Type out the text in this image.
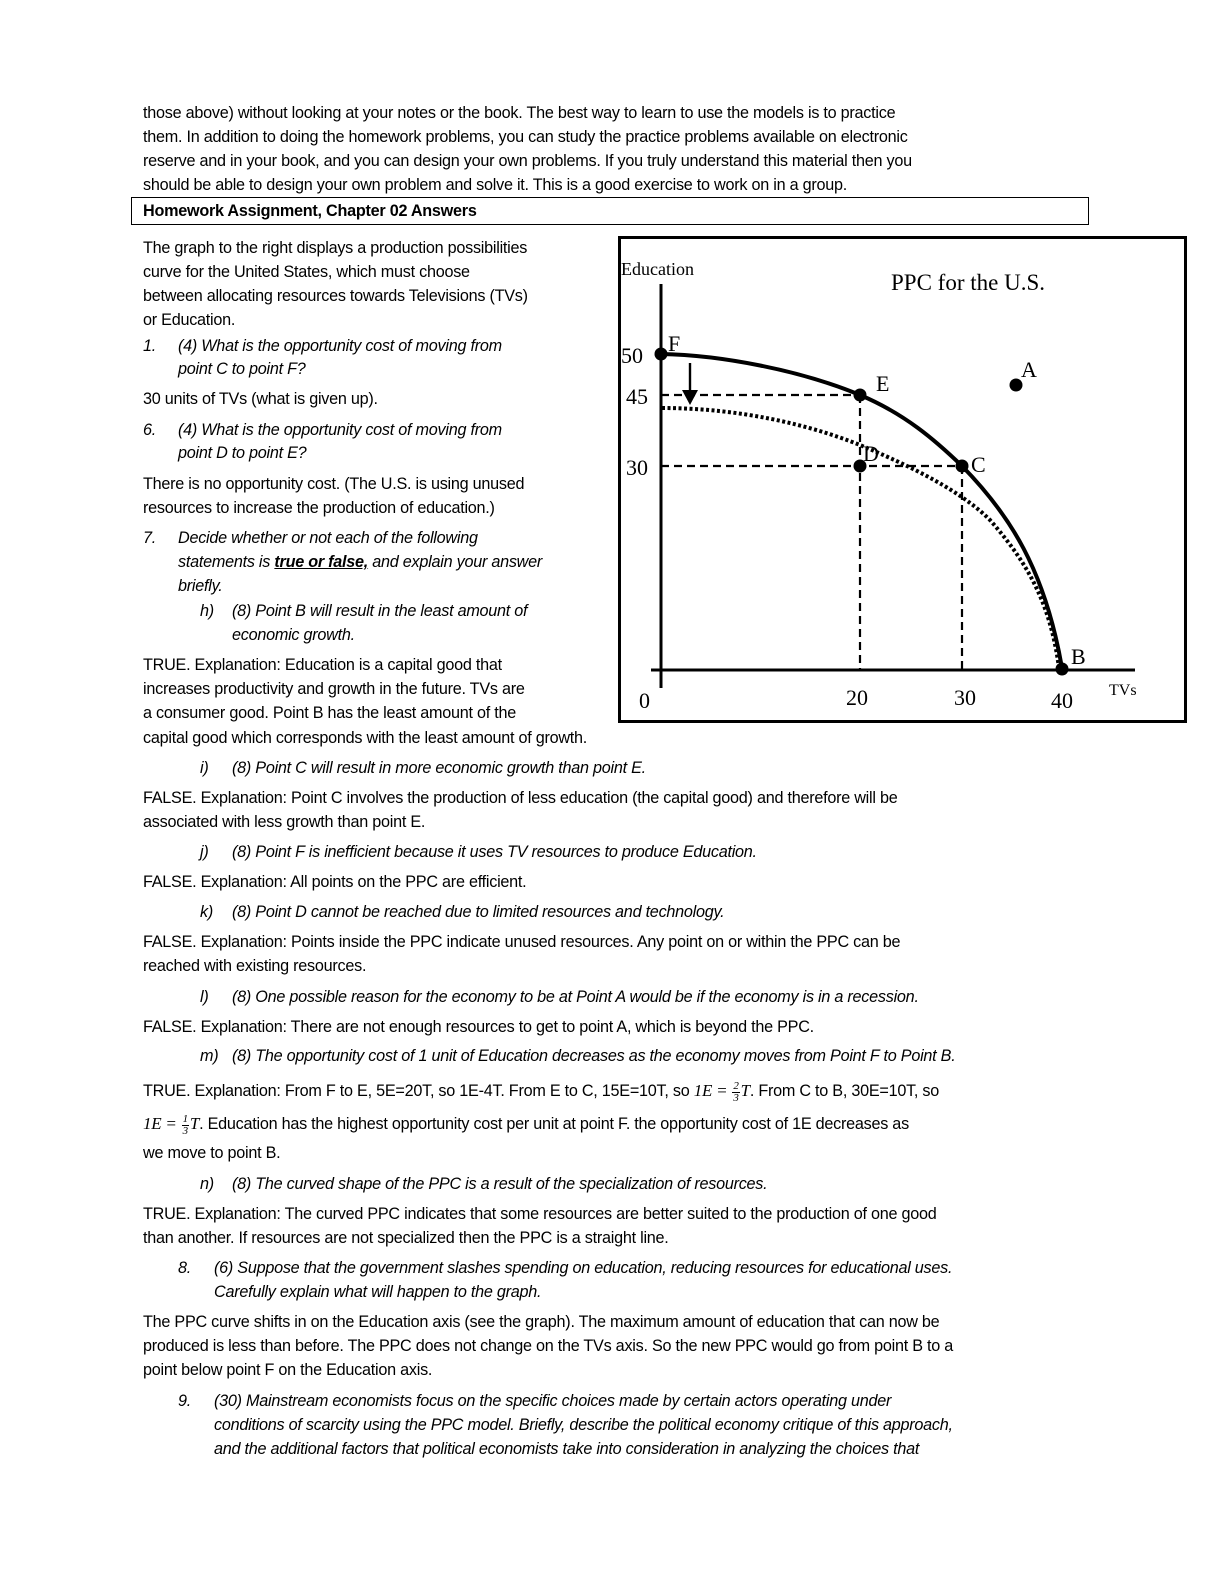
those above) without looking at your notes or the book. The best way to learn to use the models is to practice
them. In addition to doing the homework problems, you can study the practice problems available on electronic
reserve and in your book, and you can design your own problems. If you truly understand this material then you
should be able to design your own problem and solve it. This is a good exercise to work on in a group.
Homework Assignment, Chapter 02 Answers
The graph to the right displays a production possibilities
curve for the United States, which must choose
between allocating resources towards Televisions (TVs)
or Education.
1. (4) What is the opportunity cost of moving from
point C to point F?
30 units of TVs (what is given up).
6. (4) What is the opportunity cost of moving from
point D to point E?
There is no opportunity cost. (The U.S. is using unused
resources to increase the production of education.)
7. Decide whether or not each of the following
statements is true or false, and explain your answer
briefly.
h) (8) Point B will result in the least amount of
economic growth.
TRUE. Explanation: Education is a capital good that
increases productivity and growth in the future. TVs are
a consumer good. Point B has the least amount of the
capital good which corresponds with the least amount of growth.
Education
PPC for the U.S.
50
45
30
0	20	30	40 TVs
F
E
D	C
B
A
i) (8) Point C will result in more economic growth than point E.
FALSE. Explanation: Point C involves the production of less education (the capital good) and therefore will be
associated with less growth than point E.
j) (8) Point F is inefficient because it uses TV resources to produce Education.
FALSE. Explanation: All points on the PPC are efficient.
k) (8) Point D cannot be reached due to limited resources and technology.
FALSE. Explanation: Points inside the PPC indicate unused resources. Any point on or within the PPC can be
reached with existing resources.
l) (8) One possible reason for the economy to be at Point A would be if the economy is in a recession.
FALSE. Explanation: There are not enough resources to get to point A, which is beyond the PPC.
m) (8) The opportunity cost of 1 unit of Education decreases as the economy moves from Point F to Point B.
TRUE. Explanation: From F to E, 5E=20T, so 1E-4T. From E to C, 15E=10T, so $1E = \frac{2}{3} T$. From C to B, 30E=10T, so
$1E = \frac{1}{3} T$. Education has the highest opportunity cost per unit at point F. the opportunity cost of 1E decreases as
we move to point B.
n) (8) The curved shape of the PPC is a result of the specialization of resources.
TRUE. Explanation: The curved PPC indicates that some resources are better suited to the production of one good
than another. If resources are not specialized then the PPC is a straight line.
8. (6) Suppose that the government slashes spending on education, reducing resources for educational uses.
Carefully explain what will happen to the graph.
The PPC curve shifts in on the Education axis (see the graph). The maximum amount of education that can now be
produced is less than before. The PPC does not change on the TVs axis. So the new PPC would go from point B to a
point below point F on the Education axis.
9. (30) Mainstream economists focus on the specific choices made by certain actors operating under
conditions of scarcity using the PPC model. Briefly, describe the political economy critique of this approach,
and the additional factors that political economists take into consideration in analyzing the choices that
